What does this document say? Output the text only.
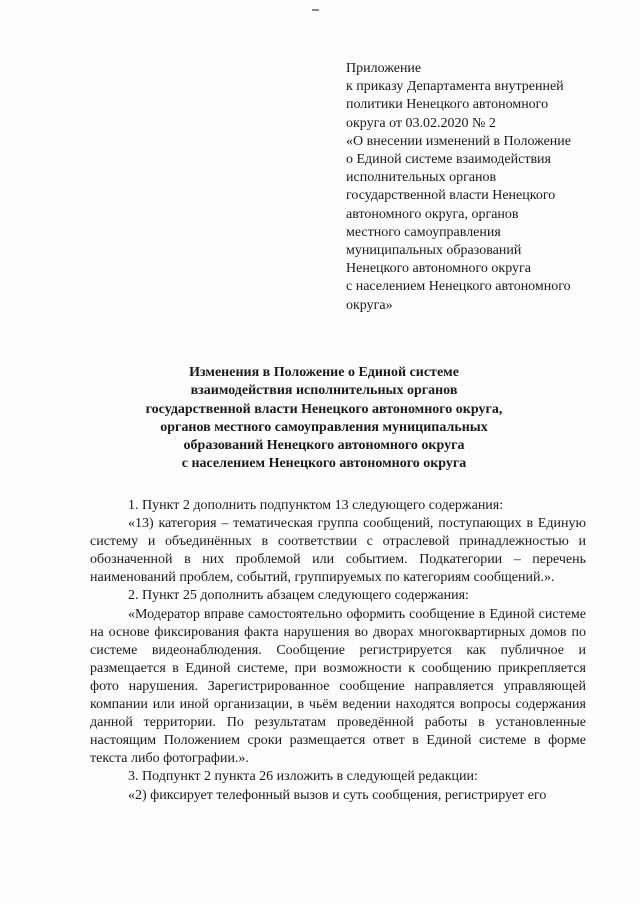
Приложение
к приказу Департамента внутренней
политики Ненецкого автономного
округа от 03.02.2020 № 2
«О внесении изменений в Положение
о Единой системе взаимодействия
исполнительных органов
государственной власти Ненецкого
автономного округа, органов
местного самоуправления
муниципальных образований
Ненецкого автономного округа
с населением Ненецкого автономного
округа»
Изменения в Положение о Единой системе
взаимодействия исполнительных органов
государственной власти Ненецкого автономного округа,
органов местного самоуправления муниципальных
образований Ненецкого автономного округа
с населением Ненецкого автономного округа

1. Пункт 2 дополнить подпунктом 13 следующего содержания:

«13) категория – тематическая группа сообщений, поступающих в Единую систему и объединённых в соответствии с отраслевой принадлежностью и обозначенной в них проблемой или событием. Подкатегории – перечень наименований проблем, событий, группируемых по категориям сообщений.».

2. Пункт 25 дополнить абзацем следующего содержания:

«Модератор вправе самостоятельно оформить сообщение в Единой системе на основе фиксирования факта нарушения во дворах многоквартирных домов по системе видеонаблюдения. Сообщение регистрируется как публичное и размещается в Единой системе, при возможности к сообщению прикрепляется фото нарушения. Зарегистрированное сообщение направляется управляющей компании или иной организации, в чьём ведении находятся вопросы содержания данной территории. По результатам проведённой работы в установленные настоящим Положением сроки размещается ответ в Единой системе в форме текста либо фотографии.».

3. Подпункт 2 пункта 26 изложить в следующей редакции:

«2) фиксирует телефонный вызов и суть сообщения, регистрирует его
